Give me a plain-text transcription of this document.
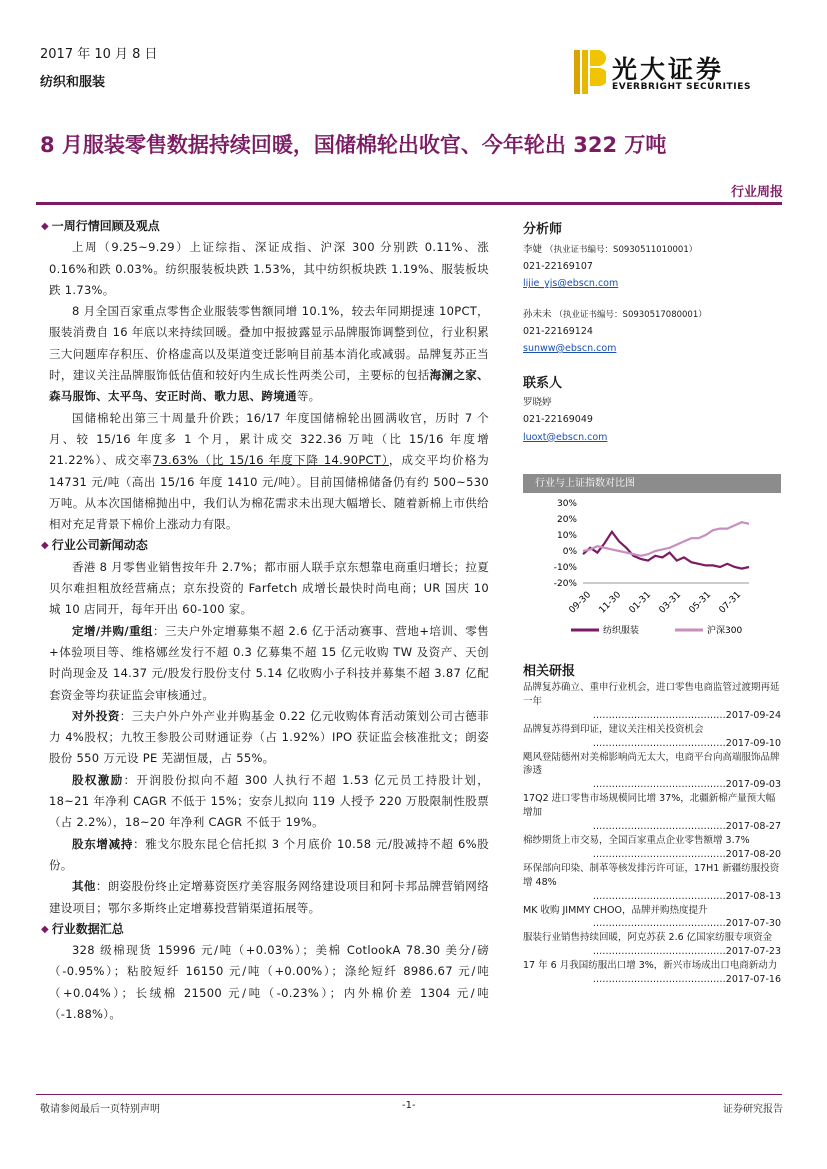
2017 年 10 月 8 日
纺织和服装	光大证券
EVERBRIGHT SECURITIES
8 月服装零售数据持续回暖，国储棉轮出收官、今年轮出 322 万吨
行业周报
◆ 一周行情回顾及观点

上周（9.25~9.29）上证综指、深证成指、沪深 300 分别跌 0.11%、涨 0.16%和跌 0.03%。纺织服装板块跌 1.53%，其中纺织板块跌 1.19%、服装板块跌 1.73%。

8 月全国百家重点零售企业服装零售额同增 10.1%，较去年同期提速 10PCT，服装消费自 16 年底以来持续回暖。叠加中报披露显示品牌服饰调整到位，行业积累三大问题库存积压、价格虚高以及渠道变迁影响目前基本消化或减弱。品牌复苏正当时，建议关注品牌服饰低估值和较好内生成长性两类公司，主要标的包括海澜之家、森马服饰、太平鸟、安正时尚、歌力思、跨境通等。

国储棉轮出第三十周量升价跌；16/17 年度国储棉轮出圆满收官，历时 7 个月、较 15/16 年度多 1 个月，累计成交 322.36 万吨（比 15/16 年度增 21.22%）、成交率73.63%（比 15/16 年度下降 14.90PCT），成交平均价格为 14731 元/吨（高出 15/16 年度 1410 元/吨）。目前国储棉储备仍有约 500~530 万吨。从本次国储棉抛出中，我们认为棉花需求未出现大幅增长、随着新棉上市供给相对充足背景下棉价上涨动力有限。

◆ 行业公司新闻动态

香港 8 月零售业销售按年升 2.7%；都市丽人联手京东想靠电商重归增长；拉夏贝尔难担粗放经营痛点；京东投资的 Farfetch 成增长最快时尚电商；UR 国庆 10 城 10 店同开，每年开出 60-100 家。

定增/并购/重组：三夫户外定增募集不超 2.6 亿于活动赛事、营地+培训、零售+体验项目等、维格娜丝发行不超 0.3 亿募集不超 15 亿元收购 TW 及资产、天创时尚现金及 14.37 元/股发行股份支付 5.14 亿收购小子科技并募集不超 3.87 亿配套资金等均获证监会审核通过。

对外投资：三夫户外户外产业并购基金 0.22 亿元收购体育活动策划公司古德菲力 4%股权；九牧王参股公司财通证券（占 1.92%）IPO 获证监会核准批文；朗姿股份 550 万元设 PE 芜湖恒晟，占 55%。

股权激励：开润股份拟向不超 300 人执行不超 1.53 亿元员工持股计划，18~21 年净利 CAGR 不低于 15%；安奈儿拟向 119 人授予 220 万股限制性股票（占 2.2%），18~20 年净利 CAGR 不低于 19%。

股东增减持：雅戈尔股东昆仑信托拟 3 个月底价 10.58 元/股减持不超 6%股份。

其他：朗姿股份终止定增募资医疗美容服务网络建设项目和阿卡邦品牌营销网络建设项目；鄂尔多斯终止定增募投营销渠道拓展等。

◆ 行业数据汇总

328 级棉现货 15996 元/吨（+0.03%）；美棉 CotlookA 78.30 美分/磅（-0.95%）；粘胶短纤 16150 元/吨（+0.00%）；涤纶短纤 8986.67 元/吨（+0.04%）；长绒棉 21500 元/吨（-0.23%）；内外棉价差 1304 元/吨（-1.88%）。

分析师
李婕 （执业证书编号：S0930511010001）
021-22169107
lijie_yjs@ebscn.com
孙未未 （执业证书编号：S0930517080001）
021-22169124
sunww@ebscn.com
联系人
罗晓婷
021-22169049
luoxt@ebscn.com
行业与上证指数对比图
30%
20%
10%
0%
-10%
-20%
09-30 11-30 01-31 03-31 05-31 07-31
纺织服装	沪深300
相关研报
品牌复苏确立、重申行业机会，进口零售电商监管过渡期再延一年
……………………………………2017-09-24
品牌复苏得到印证，建议关注相关投资机会
……………………………………2017-09-10
飓风登陆德州对美棉影响尚无太大，电商平台向高端服饰品牌渗透
……………………………………2017-09-03
17Q2 进口零售市场规模同比增 37%，北疆新棉产量预大幅增加
……………………………………2017-08-27
棉纱期货上市交易，全国百家重点企业零售额增 3.7%
……………………………………2017-08-20
环保部向印染、制革等核发排污许可证，17H1 新疆纺服投资增 48%
……………………………………2017-08-13
MK 收购 JIMMY CHOO，品牌并购热度提升
……………………………………2017-07-30
服装行业销售持续回暖，阿克苏获 2.6 亿国家纺服专项资金
……………………………………2017-07-23
17 年 6 月我国纺服出口增 3%，新兴市场成出口电商新动力
……………………………………2017-07-16
敬请参阅最后一页特别声明	-1-	证券研究报告
